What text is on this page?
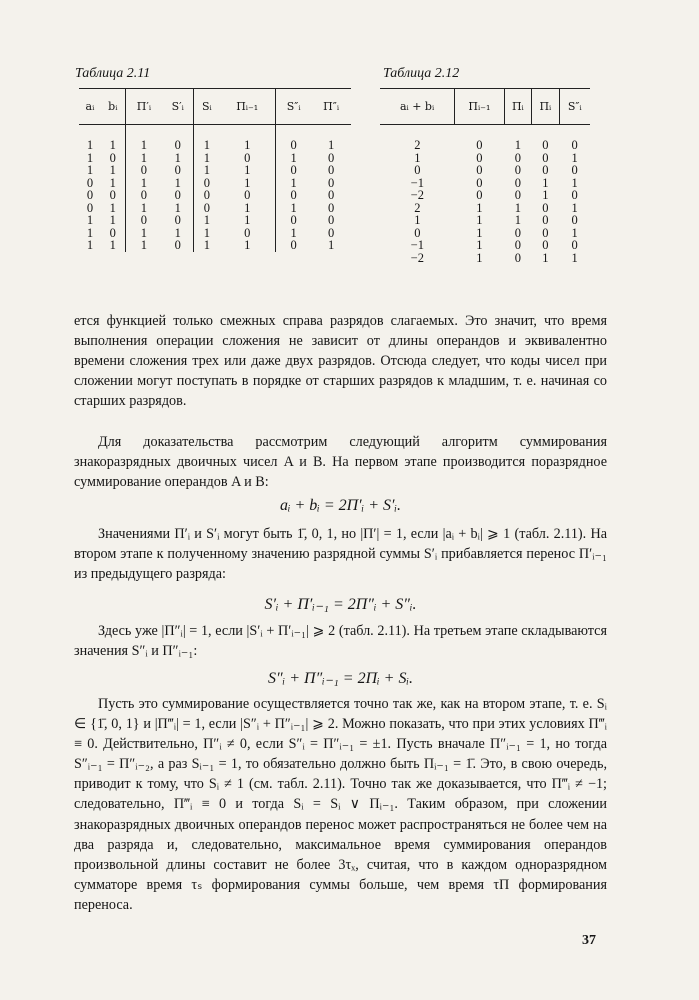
Таблица 2.11	Таблица 2.12
aᵢ	bᵢ	Π′ᵢ	S′ᵢ	Sᵢ	Πᵢ₋₁	S″ᵢ	Π″ᵢ
1	1	1	0	1	1	0	1
1	0	1	1	1	0	1	0
1	1	0	0	1	1	0	0
0	1	1	1	0	1	1	0
0	0	0	0	0	0	0	0
0	1	1	1	0	1	1	0
1	1	0	0	1	1	0	0
1	0	1	1	1	0	1	0
1	1	1	0	1	1	0	1
aᵢ + bᵢ	Πᵢ₋₁	Πᵢ	Πᵢ	S″ᵢ
2	0	1	0	0
1	0	0	0	1
0	0	0	0	0
−1	0	0	1	1
−2	0	0	1	0
2	1	1	0	1
1	1	1	0	0
0	1	0	0	1
−1	1	0	0	0
−2	1	0	1	1

ется функцией только смежных справа разрядов слагаемых. Это значит, что время выполнения операции сложения не зависит от длины операндов и эквивалентно времени сложения трех или даже двух разрядов. Отсюда следует, что коды чисел при сложении могут поступать в порядке от старших разрядов к младшим, т. е. начиная со старших разрядов.

Для доказательства рассмотрим следующий алгоритм суммирования знакоразрядных двоичных чисел A и B. На первом этапе производится поразрядное суммирование операндов A и B:

aᵢ + bᵢ = 2Π′ᵢ + S′ᵢ.

Значениями Π′ᵢ и S′ᵢ могут быть 1̄, 0, 1, но |Π′| = 1, если |aᵢ + bᵢ| ⩾ 1 (табл. 2.11). На втором этапе к полученному значению разрядной суммы S′ᵢ прибавляется перенос Π′ᵢ₋₁ из предыдущего разряда:

S′ᵢ + Π′ᵢ₋₁ = 2Π″ᵢ + S″ᵢ.

Здесь уже |Π″ᵢ| = 1, если |S′ᵢ + Π′ᵢ₋₁| ⩾ 2 (табл. 2.11). На третьем этапе складываются значения S″ᵢ и Π″ᵢ₋₁:

S″ᵢ + Π″ᵢ₋₁ = 2Πᵢ + Sᵢ.

Пусть это суммирование осуществляется точно так же, как на втором этапе, т. е. Sᵢ ∈ {1̄, 0, 1} и |Π‴ᵢ| = 1, если |S″ᵢ + Π″ᵢ₋₁| ⩾ 2. Можно показать, что при этих условиях Π‴ᵢ ≡ 0. Действительно, Π″ᵢ ≠ 0, если S″ᵢ = Π″ᵢ₋₁ = ±1. Пусть вначале Π″ᵢ₋₁ = 1, но тогда S″ᵢ₋₁ = Π″ᵢ₋₂, а раз Sᵢ₋₁ = 1, то обязательно должно быть Πᵢ₋₁ = 1̄. Это, в свою очередь, приводит к тому, что Sᵢ ≠ 1 (см. табл. 2.11). Точно так же доказывается, что Π‴ᵢ ≠ −1; следовательно, Π‴ᵢ ≡ 0 и тогда Sᵢ = Sᵢ ∨ Πᵢ₋₁. Таким образом, при сложении знакоразрядных двоичных операндов перенос может распространяться не более чем на два разряда и, следовательно, максимальное время суммирования операндов произвольной длины составит не более 3τₓ, считая, что в каждом одноразрядном сумматоре время τₛ формирования суммы больше, чем время τΠ формирования переноса.

37
